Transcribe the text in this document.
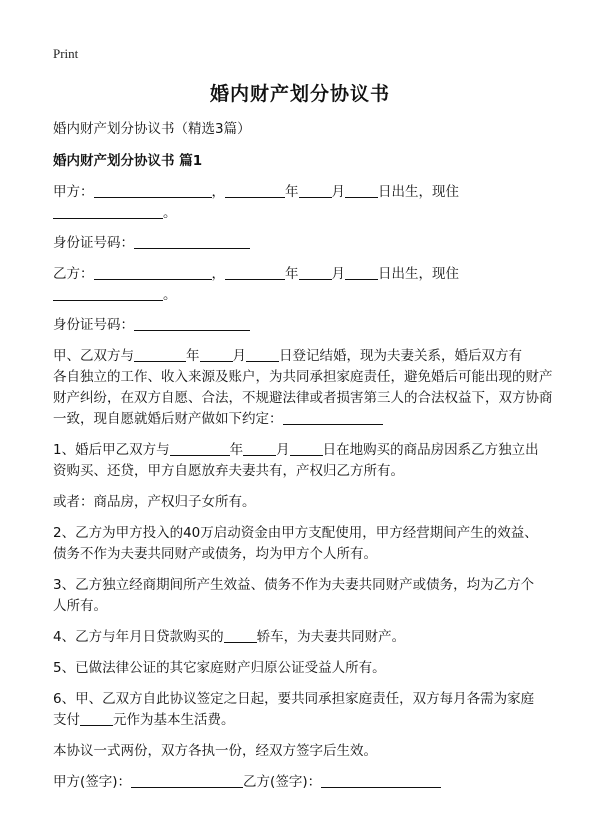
Print
婚内财产划分协议书
婚内财产划分协议书（精选3篇）
婚内财产划分协议书 篇1
甲方：	，	年 月 日出生，现住
。
身份证号码：
乙方：	，	年 月 日出生，现住
。
身份证号码：
甲、乙双方与	年 月 日登记结婚，现为夫妻关系，婚后双方有
各自独立的工作、收入来源及账户，为共同承担家庭责任，避免婚后可能出现的财产
财产纠纷，在双方自愿、合法，不规避法律或者损害第三人的合法权益下，双方协商
一致，现自愿就婚后财产做如下约定：
1、婚后甲乙双方与	年 月 日在地购买的商品房因系乙方独立出
资购买、还贷，甲方自愿放弃夫妻共有，产权归乙方所有。
或者：商品房，产权归子女所有。
2、乙方为甲方投入的40万启动资金由甲方支配使用，甲方经营期间产生的效益、
债务不作为夫妻共同财产或债务，均为甲方个人所有。
3、乙方独立经商期间所产生效益、债务不作为夫妻共同财产或债务，均为乙方个
人所有。
4、乙方与年月日贷款购买的 轿车，为夫妻共同财产。
5、已做法律公证的其它家庭财产归原公证受益人所有。
6、甲、乙双方自此协议签定之日起，要共同承担家庭责任，双方每月各需为家庭
支付 元作为基本生活费。
本协议一式两份，双方各执一份，经双方签字后生效。
甲方(签字)：	乙方(签字)：
